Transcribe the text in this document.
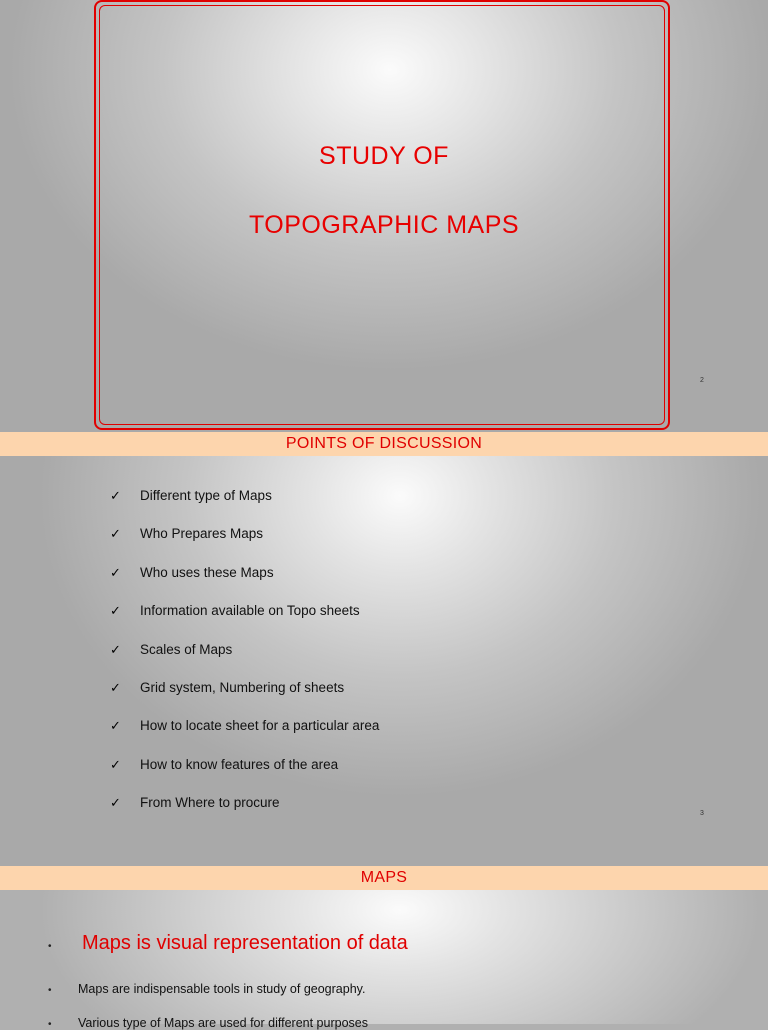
STUDY OF
TOPOGRAPHIC MAPS
2
POINTS OF DISCUSSION
✓	Different type of Maps
✓	Who Prepares Maps
✓	Who uses these Maps
✓	Information available on Topo sheets
✓	Scales of Maps
✓	Grid system, Numbering of sheets
✓	How to locate sheet for a particular area
✓	How to know features of the area
✓	From Where to procure
3
MAPS
•	Maps is visual representation of data
•	Maps are indispensable tools in study of geography.
•	Various type of Maps are used for different purposes
